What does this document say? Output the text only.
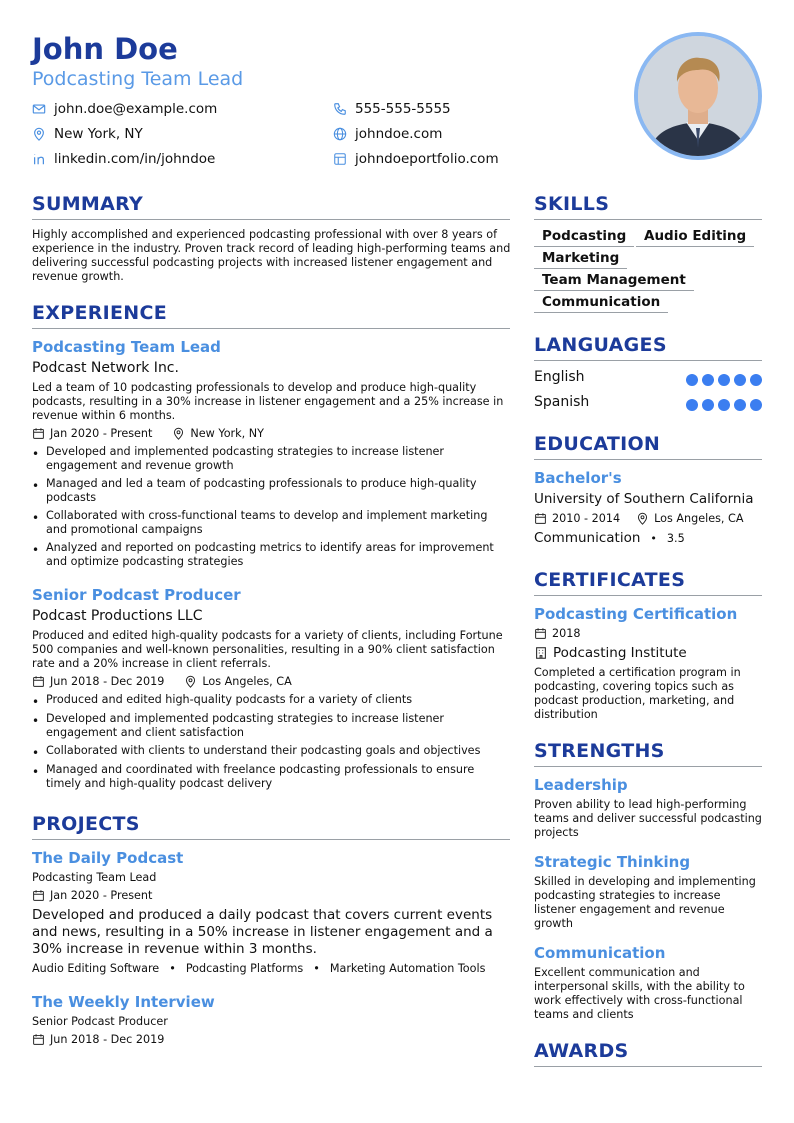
John Doe
Podcasting Team Lead
john.doe@example.com	555-555-5555
New York, NY	johndoe.com
linkedin.com/in/johndoe	johndoeportfolio.com
SUMMARY
Highly accomplished and experienced podcasting professional with over 8 years of experience in the industry. Proven track record of leading high-performing teams and delivering successful podcasting projects with increased listener engagement and revenue growth.
EXPERIENCE
Podcasting Team Lead
Podcast Network Inc.
Led a team of 10 podcasting professionals to develop and produce high-quality podcasts, resulting in a 30% increase in listener engagement and a 25% increase in revenue within 6 months.
Jan 2020 - Present	New York, NY
• Developed and implemented podcasting strategies to increase listener engagement and revenue growth
• Managed and led a team of podcasting professionals to produce high-quality podcasts
• Collaborated with cross-functional teams to develop and implement marketing and promotional campaigns
• Analyzed and reported on podcasting metrics to identify areas for improvement and optimize podcasting strategies
Senior Podcast Producer
Podcast Productions LLC
Produced and edited high-quality podcasts for a variety of clients, including Fortune 500 companies and well-known personalities, resulting in a 90% client satisfaction rate and a 20% increase in client referrals.
Jun 2018 - Dec 2019	Los Angeles, CA
• Produced and edited high-quality podcasts for a variety of clients
• Developed and implemented podcasting strategies to increase listener engagement and client satisfaction
• Collaborated with clients to understand their podcasting goals and objectives
• Managed and coordinated with freelance podcasting professionals to ensure timely and high-quality podcast delivery
PROJECTS
The Daily Podcast
Podcasting Team Lead
Jan 2020 - Present
Developed and produced a daily podcast that covers current events and news, resulting in a 50% increase in listener engagement and a 30% increase in revenue within 3 months.
Audio Editing Software • Podcasting Platforms • Marketing Automation Tools
The Weekly Interview
Senior Podcast Producer
Jun 2018 - Dec 2019
SKILLS
Podcasting	Audio Editing
Marketing
Team Management
Communication
LANGUAGES
English
Spanish
EDUCATION
Bachelor's
University of Southern California
2010 - 2014	Los Angeles, CA
Communication • 3.5
CERTIFICATES
Podcasting Certification
2018
Podcasting Institute
Completed a certification program in podcasting, covering topics such as podcast production, marketing, and distribution
STRENGTHS
Leadership
Proven ability to lead high-performing teams and deliver successful podcasting projects
Strategic Thinking
Skilled in developing and implementing podcasting strategies to increase listener engagement and revenue growth
Communication
Excellent communication and interpersonal skills, with the ability to work effectively with cross-functional teams and clients
AWARDS
